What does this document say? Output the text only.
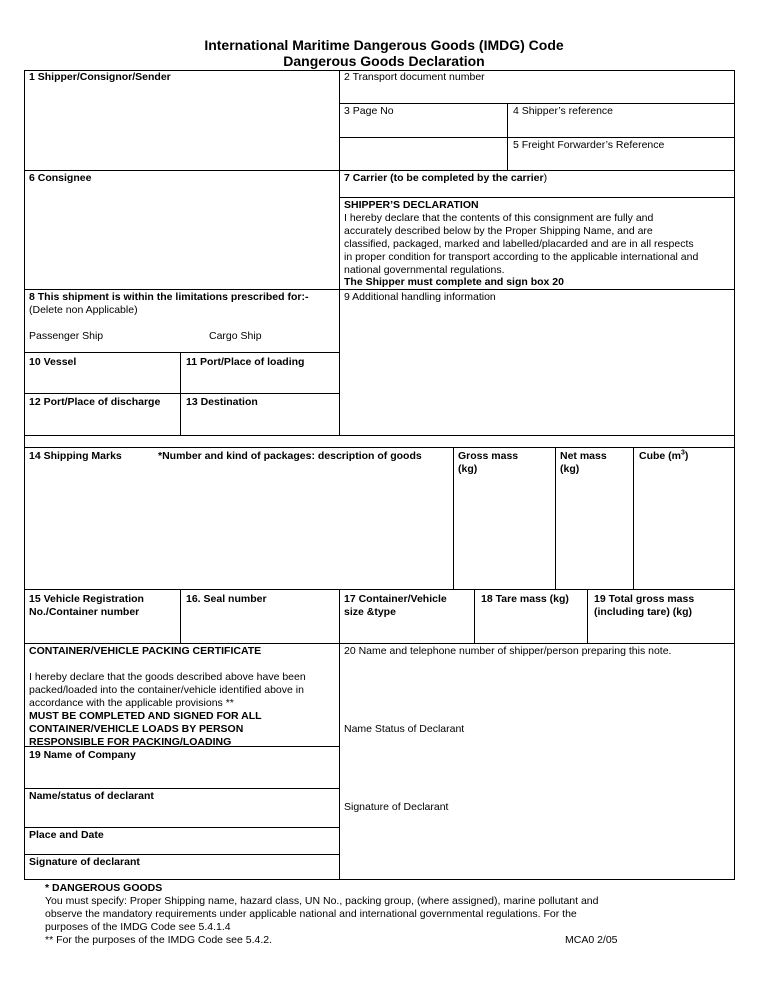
International Maritime Dangerous Goods (IMDG) Code
Dangerous Goods Declaration
1 Shipper/Consignor/Sender	2 Transport document number
3 Page No	4 Shipper’s reference
5 Freight Forwarder’s Reference
6 Consignee	7 Carrier (to be completed by the carrier)
SHIPPER’S DECLARATION
I hereby declare that the contents of this consignment are fully and
accurately described below by the Proper Shipping Name, and are
classified, packaged, marked and labelled/placarded and are in all respects
in proper condition for transport according to the applicable international and
national governmental regulations.
The Shipper must complete and sign box 20
8 This shipment is within the limitations prescribed for:-
(Delete non Applicable)
Passenger Ship	Cargo Ship
9 Additional handling information
10 Vessel	11 Port/Place of loading
12 Port/Place of discharge 13 Destination
14 Shipping Marks	*Number and kind of packages: description of goods	Gross mass
(kg)
Net mass
(kg)
Cube $(m^3)$
15 Vehicle Registration
No./Container number
16. Seal number	17 Container/Vehicle
size &type
18 Tare mass (kg) 19 Total gross mass
(including tare) (kg)
CONTAINER/VEHICLE PACKING CERTIFICATE
I hereby declare that the goods described above have been
packed/loaded into the container/vehicle identified above in
accordance with the applicable provisions **
MUST BE COMPLETED AND SIGNED FOR ALL
CONTAINER/VEHICLE LOADS BY PERSON
RESPONSIBLE FOR PACKING/LOADING
20 Name and telephone number of shipper/person preparing this note.
Name Status of Declarant
19 Name of Company
Name/status of declarant
Signature of Declarant
Place and Date
Signature of declarant
* DANGEROUS GOODS
You must specify: Proper Shipping name, hazard class, UN No., packing group, (where assigned), marine pollutant and
observe the mandatory requirements under applicable national and international governmental regulations. For the
purposes of the IMDG Code see 5.4.1.4
** For the purposes of the IMDG Code see 5.4.2.	MCA0 2/05
